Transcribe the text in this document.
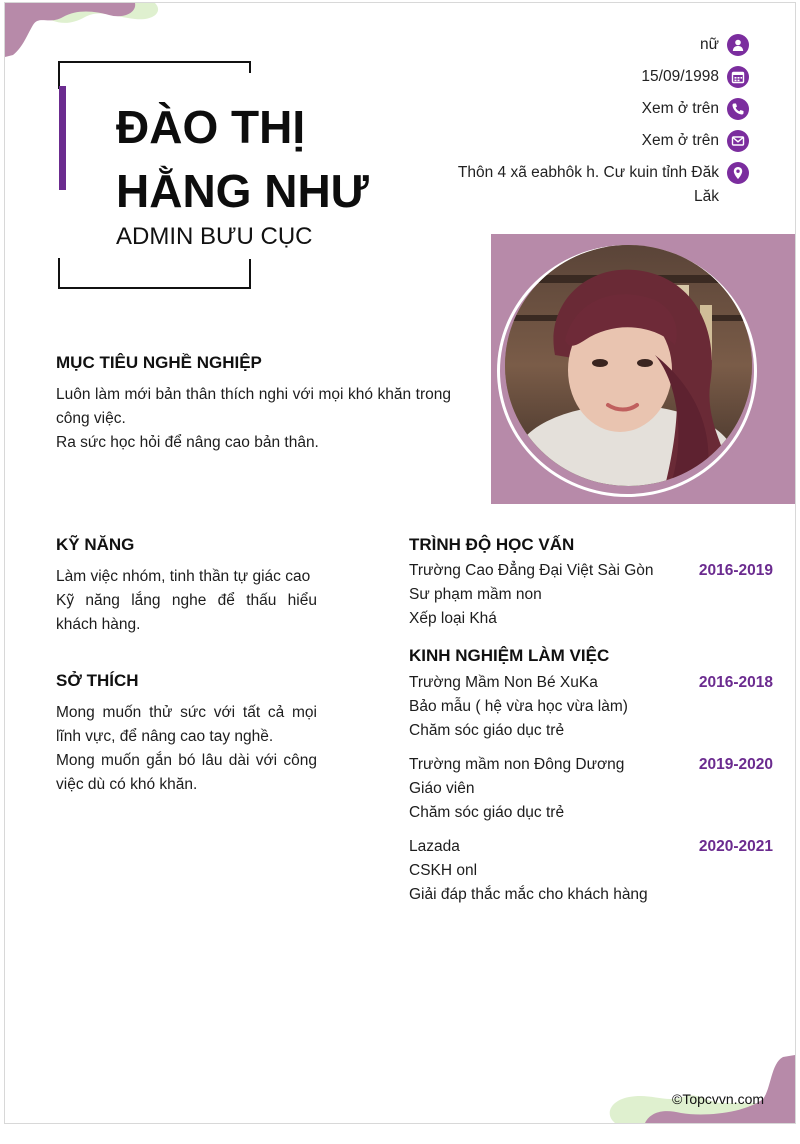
ĐÀO THỊ HẰNG NHƯ
ADMIN BƯU CỤC
nữ
15/09/1998
Xem ở trên
Xem ở trên
Thôn 4 xã eabhôk h. Cư kuin tỉnh Đăk Lăk
MỤC TIÊU NGHỀ NGHIỆP
Luôn làm mới bản thân thích nghi với mọi khó khăn trong công việc.
Ra sức học hỏi để nâng cao bản thân.
KỸ NĂNG
Làm việc nhóm, tinh thần tự giác cao
Kỹ năng lắng nghe để thấu hiểu khách hàng.
SỞ THÍCH
Mong muốn thử sức với tất cả mọi lĩnh vực, để nâng cao tay nghề.
Mong muốn gắn bó lâu dài với công việc dù có khó khăn.
TRÌNH ĐỘ HỌC VẤN
Trường Cao Đẳng Đại Việt Sài Gòn	2016-2019
Sư phạm mầm non
Xếp loại Khá
KINH NGHIỆM LÀM VIỆC
Trường Mầm Non Bé XuKa	2016-2018
Bảo mẫu ( hệ vừa học vừa làm)
Chăm sóc giáo dục trẻ
Trường mầm non Đông Dương	2019-2020
Giáo viên
Chăm sóc giáo dục trẻ
Lazada	2020-2021
CSKH onl
Giải đáp thắc mắc cho khách hàng
©Topcvvn.com
